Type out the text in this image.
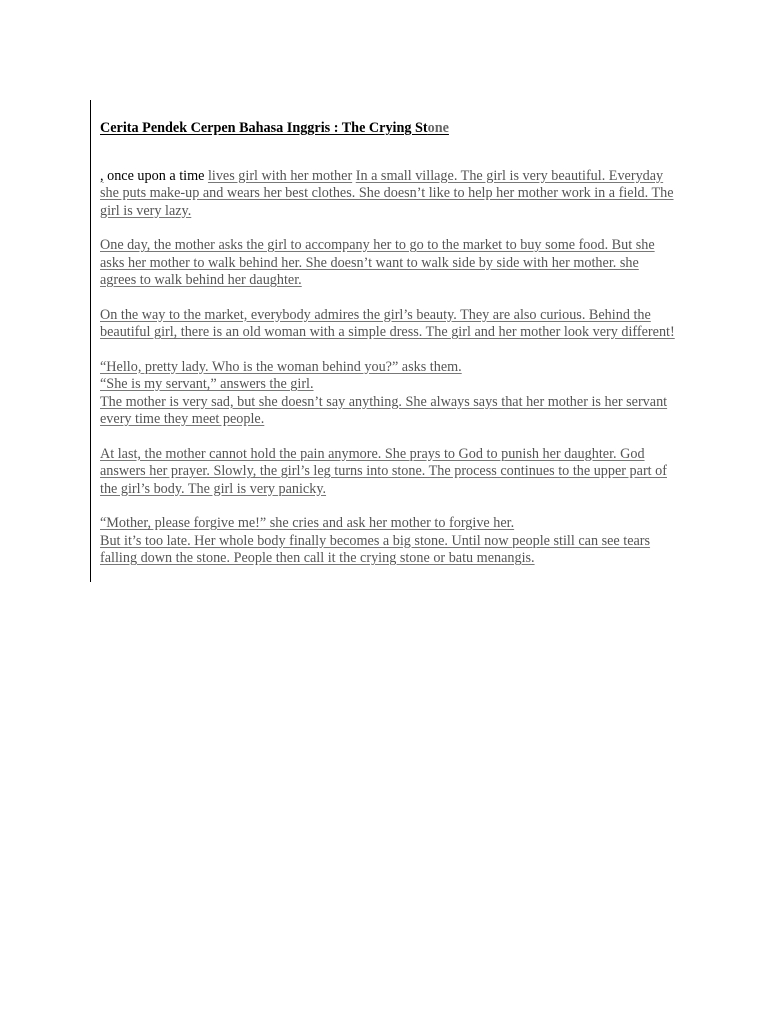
Cerita Pendek Cerpen Bahasa Inggris : The Crying Stone

, once upon a time lives girl with her mother In a small village. The girl is very beautiful. Everyday she puts make-up and wears her best clothes. She doesn’t like to help her mother work in a field. The girl is very lazy.

One day, the mother asks the girl to accompany her to go to the market to buy some food. But she asks her mother to walk behind her. She doesn’t want to walk side by side with her mother. she agrees to walk behind her daughter.

On the way to the market, everybody admires the girl’s beauty. They are also curious. Behind the beautiful girl, there is an old woman with a simple dress. The girl and her mother look very different!

“Hello, pretty lady. Who is the woman behind you?” asks them.
“She is my servant,” answers the girl.
The mother is very sad, but she doesn’t say anything. She always says that her mother is her servant every time they meet people.

At last, the mother cannot hold the pain anymore. She prays to God to punish her daughter. God answers her prayer. Slowly, the girl’s leg turns into stone. The process continues to the upper part of the girl’s body. The girl is very panicky.

“Mother, please forgive me!” she cries and ask her mother to forgive her.
But it’s too late. Her whole body finally becomes a big stone. Until now people still can see tears falling down the stone. People then call it the crying stone or batu menangis.
